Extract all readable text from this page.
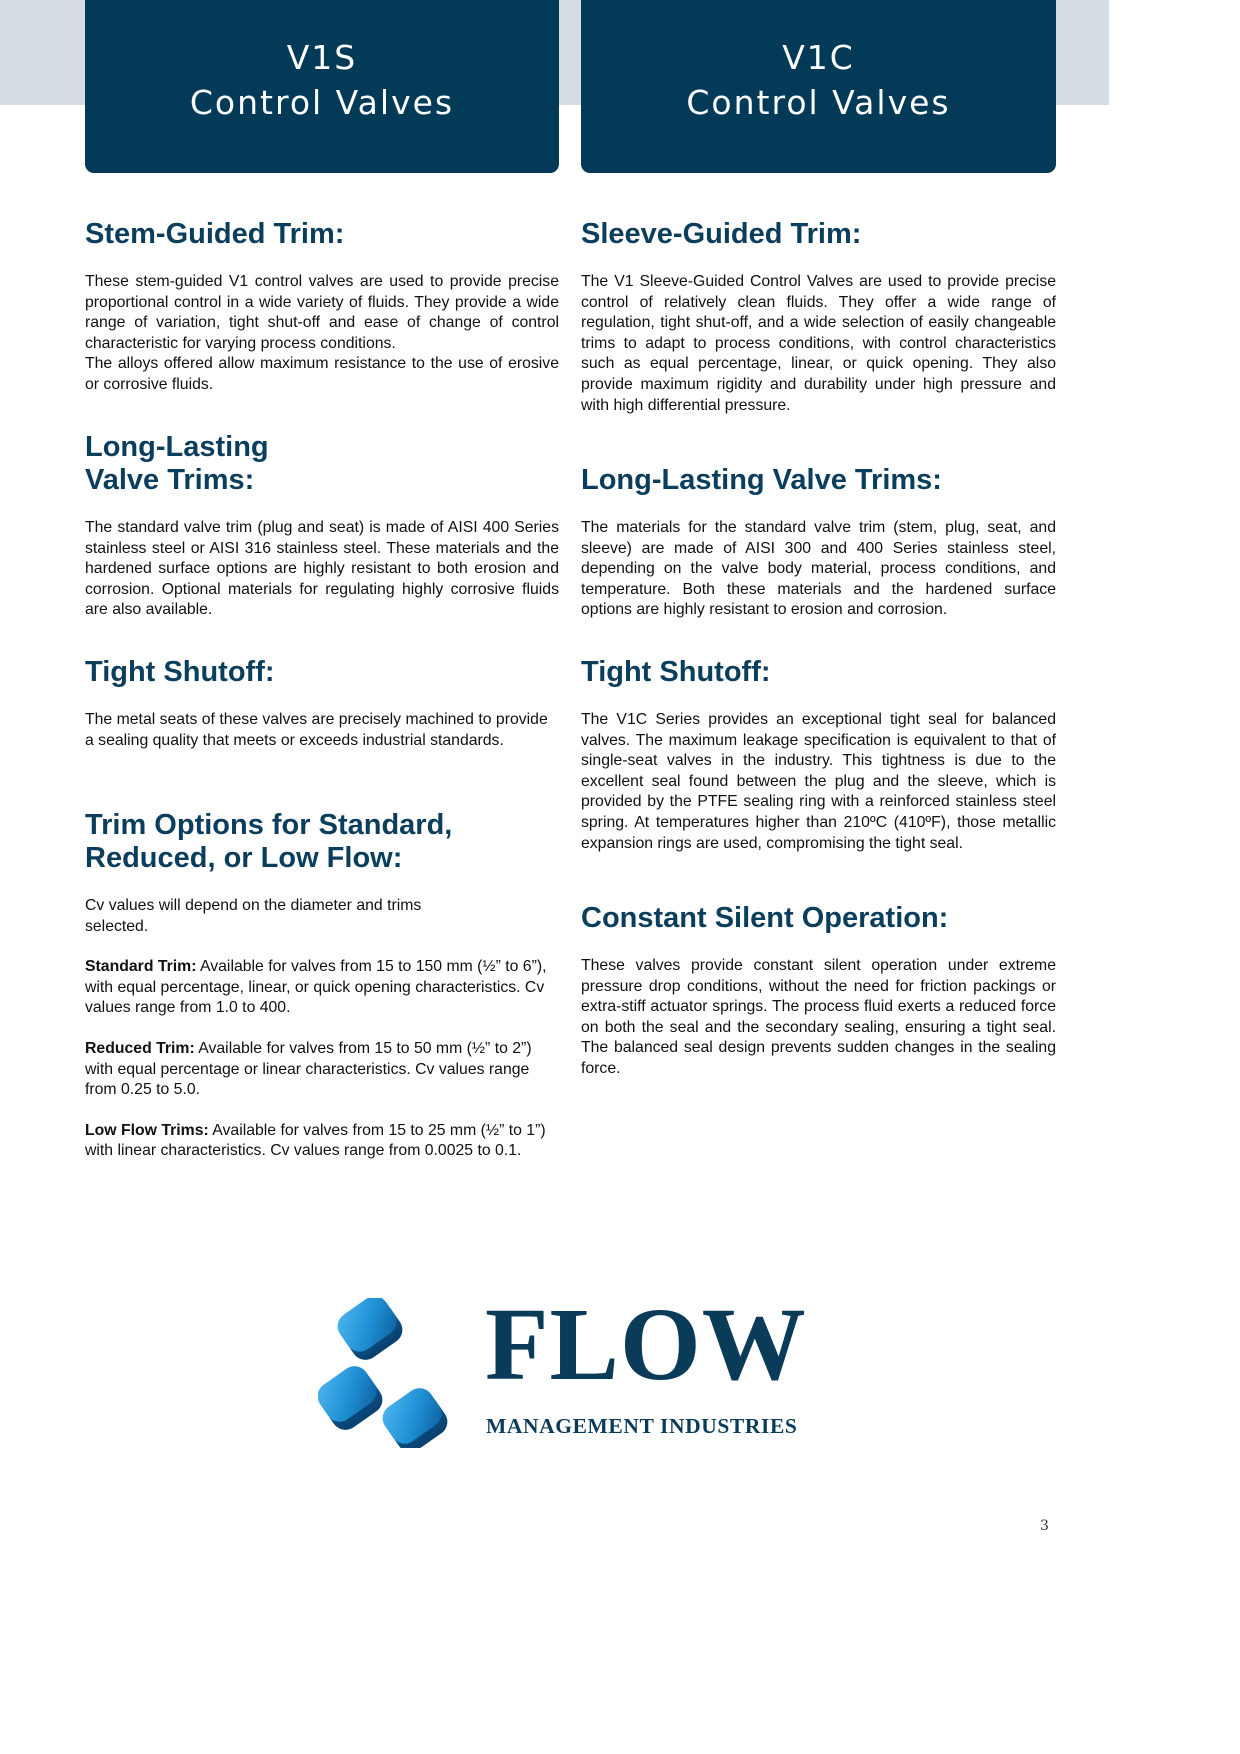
V1S
Control Valves
V1C
Control Valves
Stem-Guided Trim:

These stem-guided V1 control valves are used to provide precise proportional control in a wide variety of fluids. They provide a wide range of variation, tight shut-off and ease of change of control characteristic for varying process conditions.

The alloys offered allow maximum resistance to the use of erosive or corrosive fluids.

Long-Lasting
Valve Trims:

The standard valve trim (plug and seat) is made of AISI 400 Series stainless steel or AISI 316 stainless steel. These materials and the hardened surface options are highly resistant to both erosion and corrosion. Optional materials for regulating highly corrosive fluids are also available.

Tight Shutoff:

The metal seats of these valves are precisely machined to provide a sealing quality that meets or exceeds industrial standards.

Trim Options for Standard,
Reduced, or Low Flow:

Cv values will depend on the diameter and trims selected.

Standard Trim: Available for valves from 15 to 150 mm (½” to 6”), with equal percentage, linear, or quick opening characteristics. Cv values range from 1.0 to 400.

Reduced Trim: Available for valves from 15 to 50 mm (½” to 2”) with equal percentage or linear characteristics. Cv values range from 0.25 to 5.0.

Low Flow Trims: Available for valves from 15 to 25 mm (½” to 1”) with linear characteristics. Cv values range from 0.0025 to 0.1.

Sleeve-Guided Trim:

The V1 Sleeve-Guided Control Valves are used to provide precise control of relatively clean fluids. They offer a wide range of regulation, tight shut-off, and a wide selection of easily changeable trims to adapt to process conditions, with control characteristics such as equal percentage, linear, or quick opening. They also provide maximum rigidity and durability under high pressure and with high differential pressure.

Long-Lasting Valve Trims:

The materials for the standard valve trim (stem, plug, seat, and sleeve) are made of AISI 300 and 400 Series stainless steel, depending on the valve body material, process conditions, and temperature. Both these materials and the hardened surface options are highly resistant to erosion and corrosion.

Tight Shutoff:

The V1C Series provides an exceptional tight seal for balanced valves. The maximum leakage specification is equivalent to that of single-seat valves in the industry. This tightness is due to the excellent seal found between the plug and the sleeve, which is provided by the PTFE sealing ring with a reinforced stainless steel spring. At temperatures higher than 210ºC (410ºF), those metallic expansion rings are used, compromising the tight seal.

Constant Silent Operation:

These valves provide constant silent operation under extreme pressure drop conditions, without the need for friction packings or extra-stiff actuator springs. The process fluid exerts a reduced force on both the seal and the secondary sealing, ensuring a tight seal. The balanced seal design prevents sudden changes in the sealing force.

FLOW
MANAGEMENT INDUSTRIES
3
